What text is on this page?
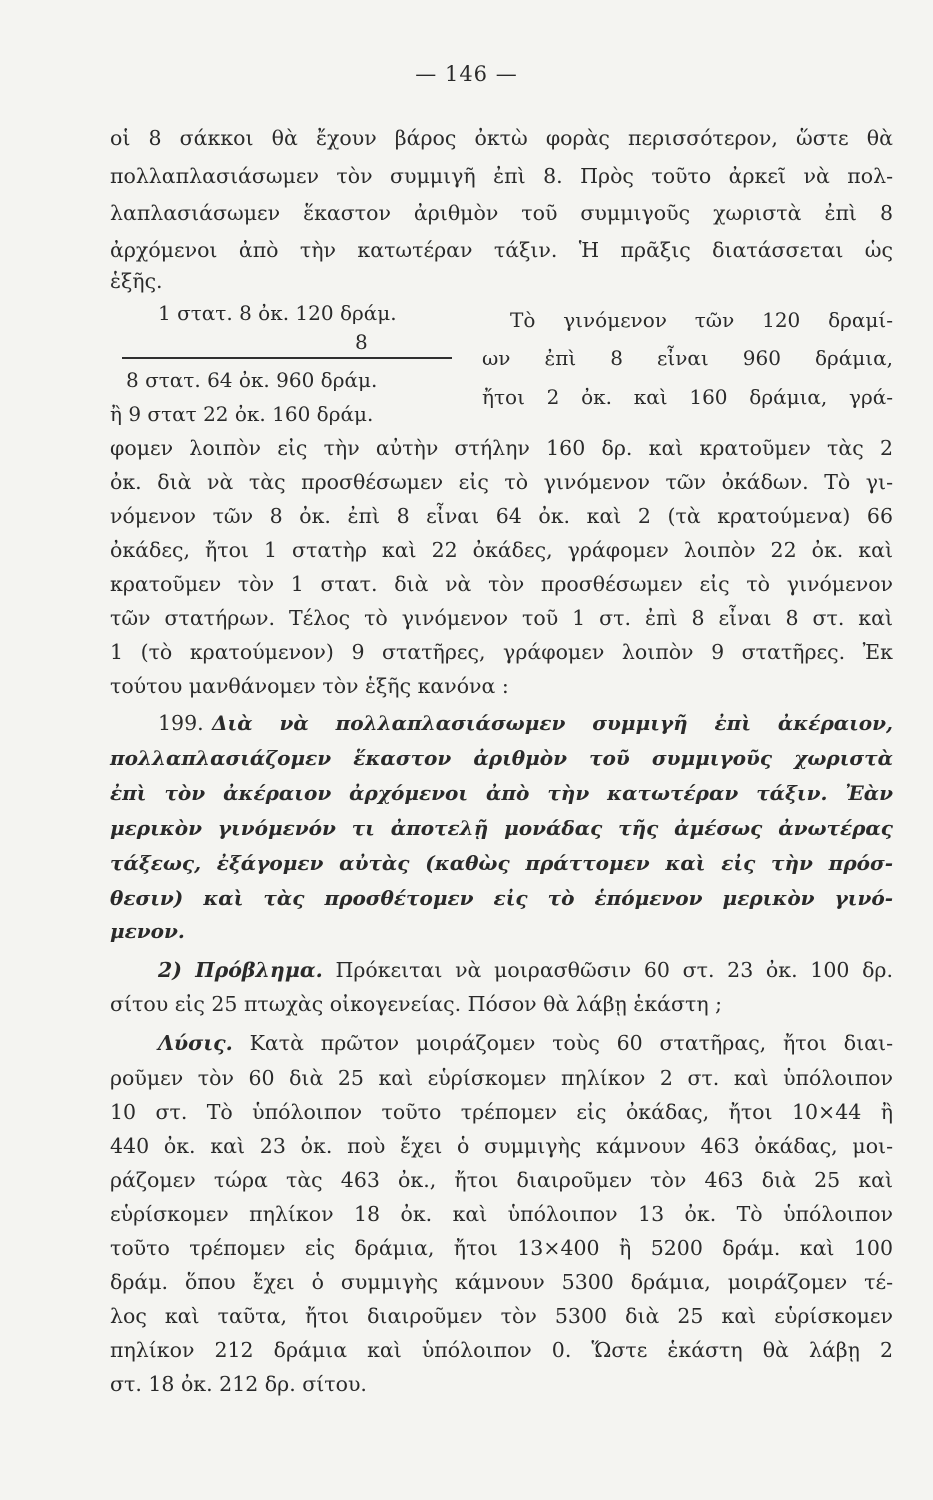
— 146 —
οἱ 8 σάκκοι θὰ ἔχουν βάρος ὀκτὼ φορὰς περισσότερον, ὥστε θὰ
πολλαπλασιάσωμεν τὸν συμμιγῆ ἐπὶ 8. Πρὸς τοῦτο ἀρκεῖ νὰ πολ-
λαπλασιάσωμεν ἕκαστον ἀριθμὸν τοῦ συμμιγοῦς χωριστὰ ἐπὶ 8
ἀρχόμενοι ἀπὸ τὴν κατωτέραν τάξιν. Ἡ πρᾶξις διατάσσεται ὡς
ἑξῆς.
1 στατ. 8 ὀκ. 120 δράμ.
8
8 στατ. 64 ὀκ. 960 δράμ.
ἢ 9 στατ 22 ὀκ. 160 δράμ.
Τὸ γινόμενον τῶν 120 δραμί-
ων ἐπὶ 8 εἶναι 960 δράμια,
ἤτοι 2 ὀκ. καὶ 160 δράμια, γρά-
φομεν λοιπὸν εἰς τὴν αὐτὴν στήλην 160 δρ. καὶ κρατοῦμεν τὰς 2
ὀκ. διὰ νὰ τὰς προσθέσωμεν εἰς τὸ γινόμενον τῶν ὀκάδων. Τὸ γι-
νόμενον τῶν 8 ὀκ. ἐπὶ 8 εἶναι 64 ὀκ. καὶ 2 (τὰ κρατούμενα) 66
ὀκάδες, ἤτοι 1 στατὴρ καὶ 22 ὀκάδες, γράφομεν λοιπὸν 22 ὀκ. καὶ
κρατοῦμεν τὸν 1 στατ. διὰ νὰ τὸν προσθέσωμεν εἰς τὸ γινόμενον
τῶν στατήρων. Τέλος τὸ γινόμενον τοῦ 1 στ. ἐπὶ 8 εἶναι 8 στ. καὶ
1 (τὸ κρατούμενον) 9 στατῆρες, γράφομεν λοιπὸν 9 στατῆρες. Ἐκ
τούτου μανθάνομεν τὸν ἑξῆς κανόνα :
199. Διὰ νὰ πολλαπλασιάσωμεν συμμιγῆ ἐπὶ ἀκέραιον,
πολλαπλασιάζομεν ἕκαστον ἀριθμὸν τοῦ συμμιγοῦς χωριστὰ
ἐπὶ τὸν ἀκέραιον ἀρχόμενοι ἀπὸ τὴν κατωτέραν τάξιν. Ἐὰν
μερικὸν γινόμενόν τι ἀποτελῇ μονάδας τῆς ἀμέσως ἀνωτέρας
τάξεως, ἐξάγομεν αὐτὰς (καθὼς πράττομεν καὶ εἰς τὴν πρόσ-
θεσιν) καὶ τὰς προσθέτομεν εἰς τὸ ἑπόμενον μερικὸν γινό-
μενον.
2) Πρόβλημα. Πρόκειται νὰ μοιρασθῶσιν 60 στ. 23 ὀκ. 100 δρ.
σίτου εἰς 25 πτωχὰς οἰκογενείας. Πόσον θὰ λάβῃ ἑκάστη ;
Λύσις. Κατὰ πρῶτον μοιράζομεν τοὺς 60 στατῆρας, ἤτοι διαι-
ροῦμεν τὸν 60 διὰ 25 καὶ εὑρίσκομεν πηλίκον 2 στ. καὶ ὑπόλοιπον
10 στ. Τὸ ὑπόλοιπον τοῦτο τρέπομεν εἰς ὀκάδας, ἤτοι 10×44 ἢ
440 ὀκ. καὶ 23 ὀκ. ποὺ ἔχει ὁ συμμιγὴς κάμνουν 463 ὀκάδας, μοι-
ράζομεν τώρα τὰς 463 ὀκ., ἤτοι διαιροῦμεν τὸν 463 διὰ 25 καὶ
εὑρίσκομεν πηλίκον 18 ὀκ. καὶ ὑπόλοιπον 13 ὀκ. Τὸ ὑπόλοιπον
τοῦτο τρέπομεν εἰς δράμια, ἤτοι 13×400 ἢ 5200 δράμ. καὶ 100
δράμ. ὅπου ἔχει ὁ συμμιγὴς κάμνουν 5300 δράμια, μοιράζομεν τέ-
λος καὶ ταῦτα, ἤτοι διαιροῦμεν τὸν 5300 διὰ 25 καὶ εὑρίσκομεν
πηλίκον 212 δράμια καὶ ὑπόλοιπον 0. Ὥστε ἑκάστη θὰ λάβῃ 2
στ. 18 ὀκ. 212 δρ. σίτου.
